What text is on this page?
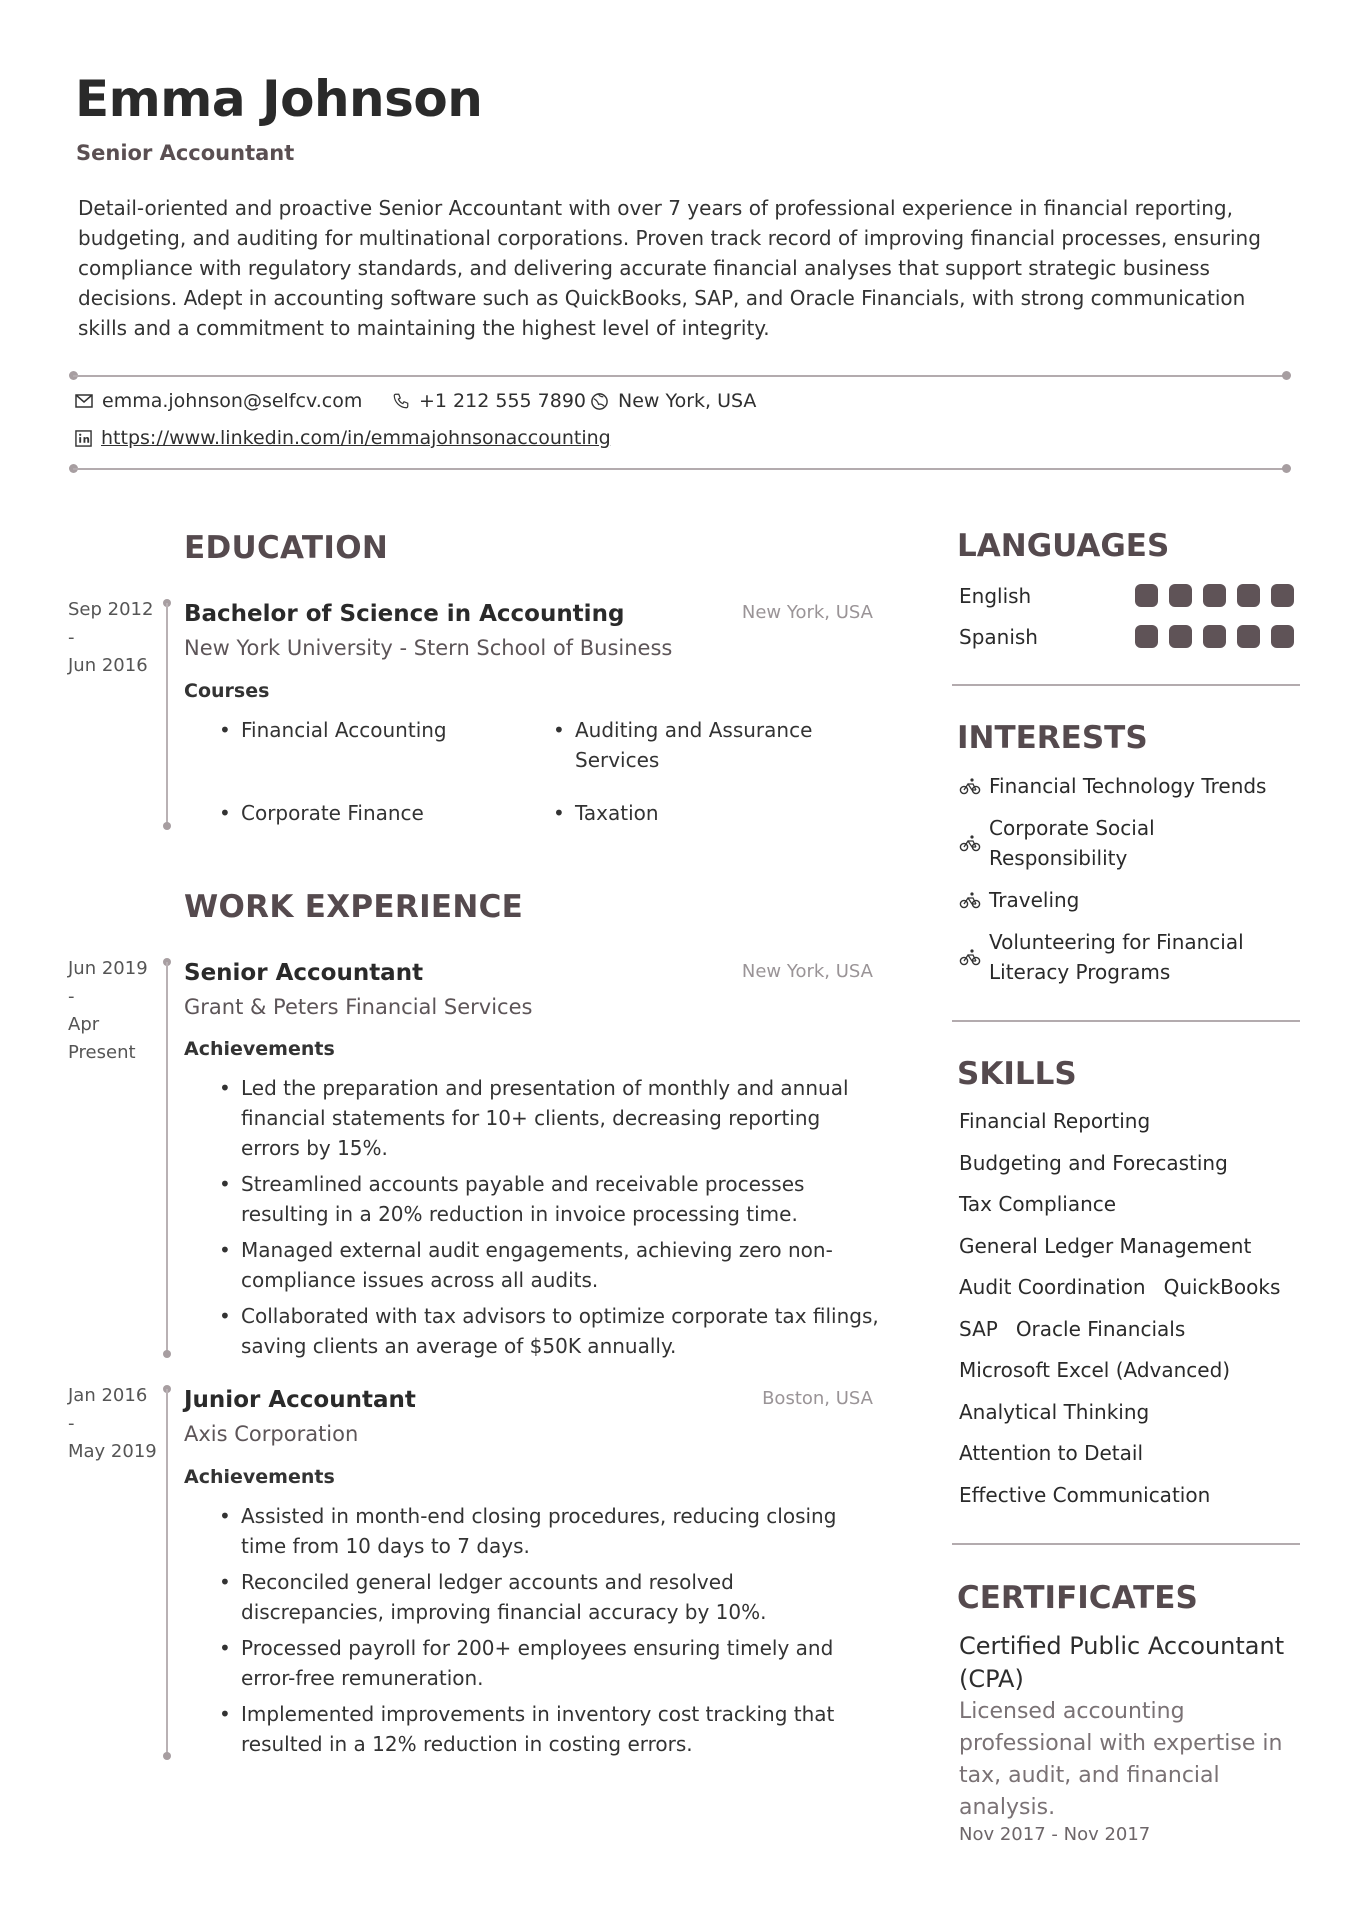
Emma Johnson
Senior Accountant
Detail-oriented and proactive Senior Accountant with over 7 years of professional experience in financial reporting, budgeting, and auditing for multinational corporations. Proven track record of improving financial processes, ensuring compliance with regulatory standards, and delivering accurate financial analyses that support strategic business decisions. Adept in accounting software such as QuickBooks, SAP, and Oracle Financials, with strong communication skills and a commitment to maintaining the highest level of integrity.
emma.johnson@selfcv.com	+1 212 555 7890 New York, USA
https://www.linkedin.com/in/emmajohnsonaccounting
EDUCATION
Sep 2012
-
Jun 2016
Bachelor of Science in Accounting	New York, USA
New York University - Stern School of Business
Courses
• Financial Accounting	• Auditing and Assurance Services
• Corporate Finance	• Taxation
WORK EXPERIENCE
Jun 2019
-
Apr
Present
Senior Accountant	New York, USA
Grant & Peters Financial Services
Achievements
• Led the preparation and presentation of monthly and annual financial statements for 10+ clients, decreasing reporting errors by 15%.
• Streamlined accounts payable and receivable processes resulting in a 20% reduction in invoice processing time.
• Managed external audit engagements, achieving zero non-compliance issues across all audits.
• Collaborated with tax advisors to optimize corporate tax filings, saving clients an average of $50K annually.
Jan 2016
-
May 2019
Junior Accountant	Boston, USA
Axis Corporation
Achievements
• Assisted in month-end closing procedures, reducing closing time from 10 days to 7 days.
• Reconciled general ledger accounts and resolved discrepancies, improving financial accuracy by 10%.
• Processed payroll for 200+ employees ensuring timely and error-free remuneration.
• Implemented improvements in inventory cost tracking that resulted in a 12% reduction in costing errors.
LANGUAGES
English
Spanish
INTERESTS
Financial Technology Trends
Corporate Social Responsibility
Traveling
Volunteering for Financial Literacy Programs
SKILLS
Financial Reporting
Budgeting and Forecasting
Tax Compliance
General Ledger Management
Audit Coordination QuickBooks
SAP Oracle Financials
Microsoft Excel (Advanced)
Analytical Thinking
Attention to Detail
Effective Communication
CERTIFICATES
Certified Public Accountant (CPA)
Licensed accounting professional with expertise in tax, audit, and financial analysis.
Nov 2017 - Nov 2017
